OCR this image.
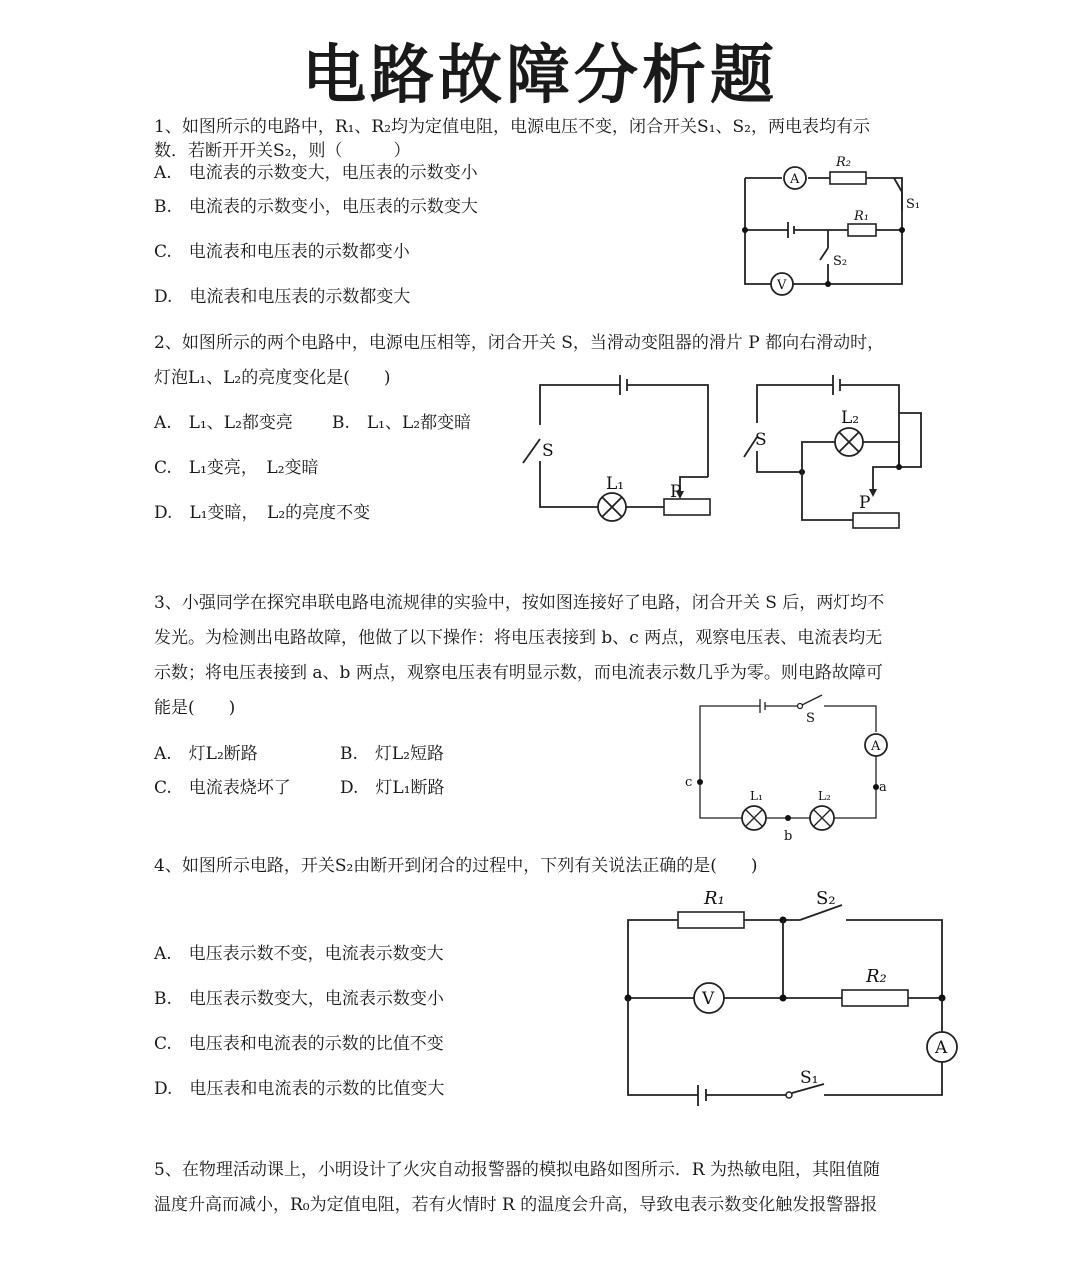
电路故障分析题
1、如图所示的电路中，R₁、R₂均为定值电阻，电源电压不变，闭合开关S₁、S₂，两电表均有示
数．若断开开关S₂，则（　　　）
A.　电流表的示数变大，电压表的示数变小
B.　电流表的示数变小，电压表的示数变大
C.　电流表和电压表的示数都变小
D.　电流表和电压表的示数都变大
R₂
A
S₁
R₁
S₂
V
2、如图所示的两个电路中，电源电压相等，闭合开关 S，当滑动变阻器的滑片 P 都向右滑动时，
灯泡L₁、L₂的亮度变化是(　　)
A.　L₁、L₂都变亮 B.　L₁、L₂都变暗
C.　L₁变亮，　L₂变暗
D.　L₁变暗，　L₂的亮度不变
S
L₁	P
S
L₂
P
3、小强同学在探究串联电路电流规律的实验中，按如图连接好了电路，闭合开关 S 后，两灯均不
发光。为检测出电路故障，他做了以下操作：将电压表接到 b、c 两点，观察电压表、电流表均无
示数；将电压表接到 a、b 两点，观察电压表有明显示数，而电流表示数几乎为零。则电路故障可
能是(　　)
A.　灯L₂断路	B.　灯L₂短路
C.　电流表烧坏了	D.　灯L₁断路
S
A
a
L₂
b
L₁
c
4、如图所示电路，开关S₂由断开到闭合的过程中，下列有关说法正确的是(　　)
A.　电压表示数不变，电流表示数变大
B.　电压表示数变大，电流表示数变小
C.　电压表和电流表的示数的比值不变
D.　电压表和电流表的示数的比值变大
R₁	S₂
V
R₂
A
S₁
5、在物理活动课上，小明设计了火灾自动报警器的模拟电路如图所示．R 为热敏电阻，其阻值随
温度升高而减小，R₀为定值电阻，若有火情时 R 的温度会升高，导致电表示数变化触发报警器报
